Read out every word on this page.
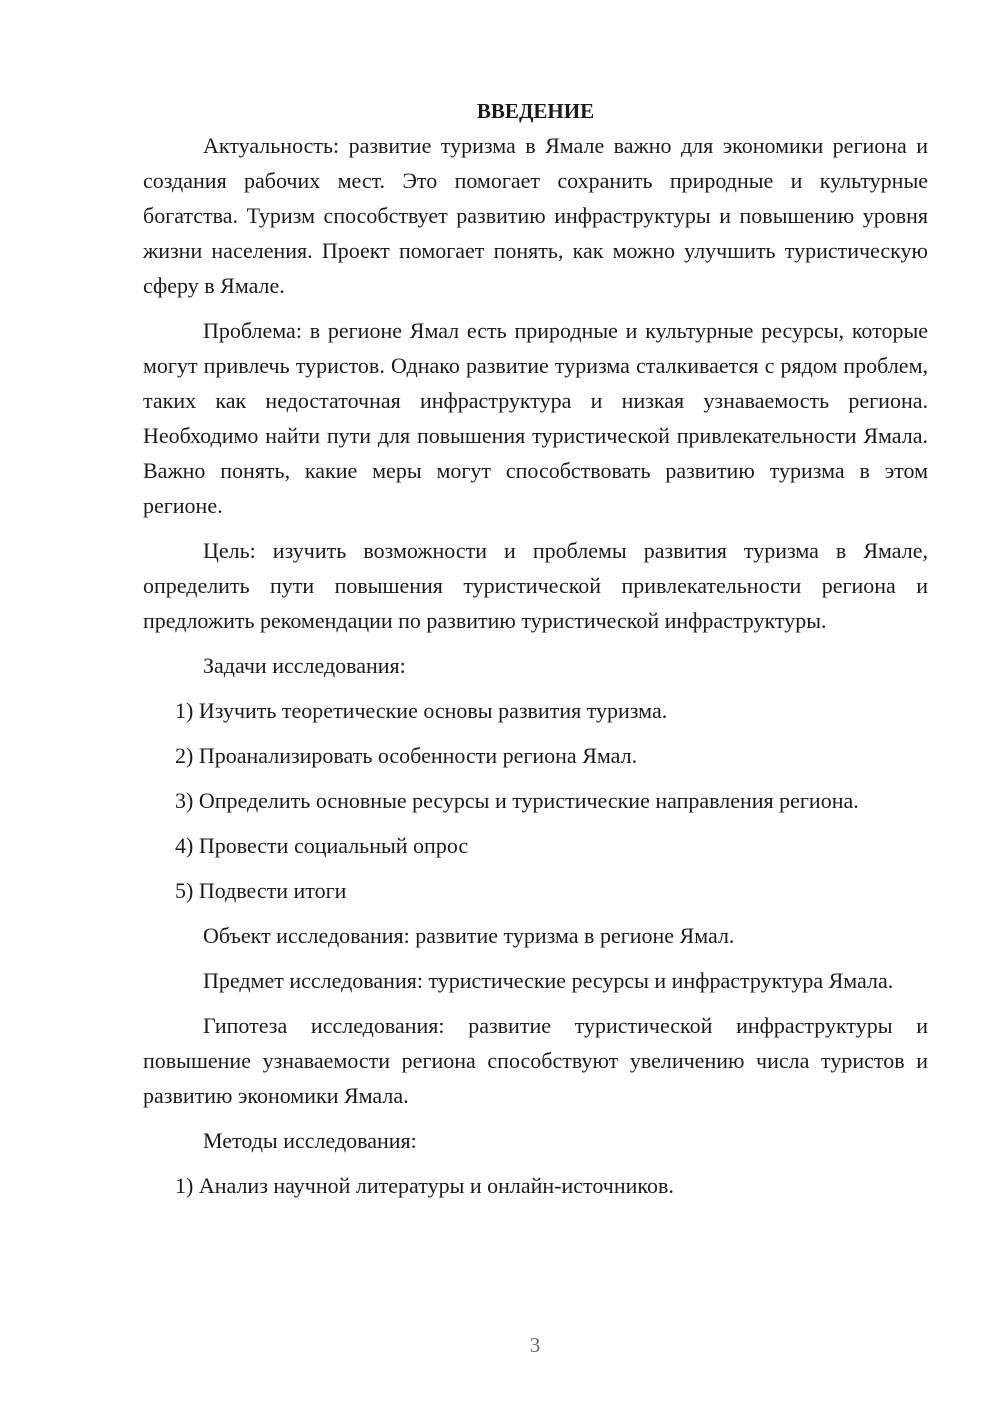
ВВЕДЕНИЕ

Актуальность: развитие туризма в Ямале важно для экономики региона и создания рабочих мест. Это помогает сохранить природные и культурные богатства. Туризм способствует развитию инфраструктуры и повышению уровня жизни населения. Проект помогает понять, как можно улучшить туристическую сферу в Ямале.

Проблема: в регионе Ямал есть природные и культурные ресурсы, которые могут привлечь туристов. Однако развитие туризма сталкивается с рядом проблем, таких как недостаточная инфраструктура и низкая узнаваемость региона. Необходимо найти пути для повышения туристической привлекательности Ямала. Важно понять, какие меры могут способствовать развитию туризма в этом регионе.

Цель: изучить возможности и проблемы развития туризма в Ямале, определить пути повышения туристической привлекательности региона и предложить рекомендации по развитию туристической инфраструктуры.

Задачи исследования:

1) Изучить теоретические основы развития туризма.

2) Проанализировать особенности региона Ямал.

3) Определить основные ресурсы и туристические направления региона.

4) Провести социальный опрос

5) Подвести итоги

Объект исследования: развитие туризма в регионе Ямал.

Предмет исследования: туристические ресурсы и инфраструктура Ямала.

Гипотеза исследования: развитие туристической инфраструктуры и повышение узнаваемости региона способствуют увеличению числа туристов и развитию экономики Ямала.

Методы исследования:

1) Анализ научной литературы и онлайн-источников.

3
